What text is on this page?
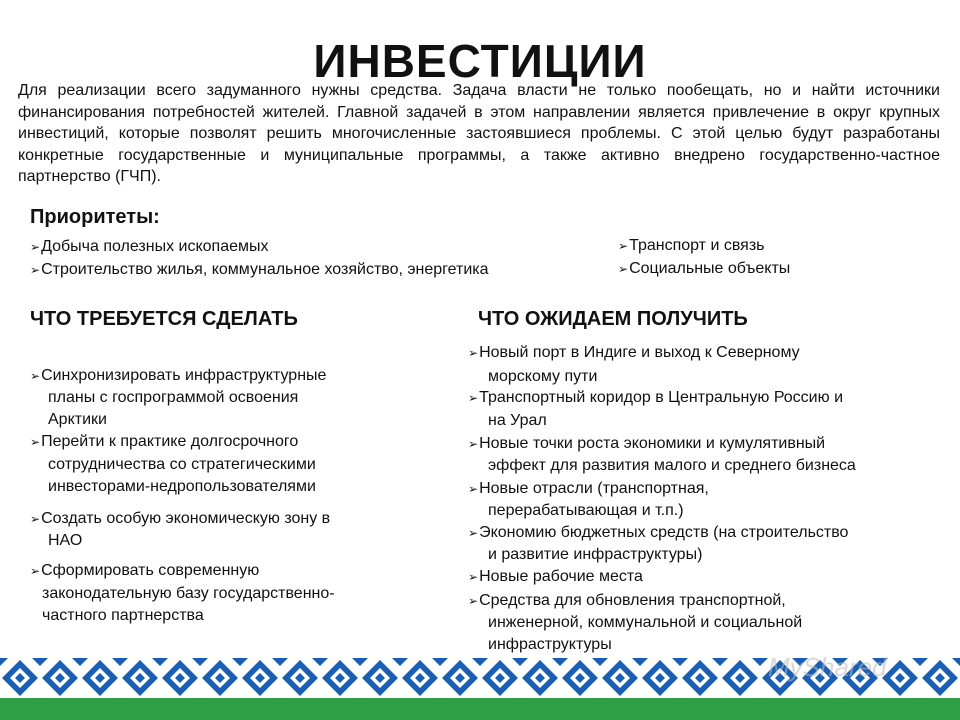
ИНВЕСТИЦИИ
Для реализации всего задуманного нужны средства. Задача власти не только пообещать, но и найти источники финансирования потребностей жителей. Главной задачей в этом направлении является привлечение в округ крупных инвестиций, которые позволят решить многочисленные застоявшиеся проблемы. С этой целью будут разработаны конкретные государственные и муниципальные программы, а также активно внедрено государственно-частное партнерство (ГЧП).
Приоритеты:
➢ Добыча полезных ископаемых
➢ Строительство жилья, коммунальное хозяйство, энергетика
➢ Транспорт и связь
➢ Социальные объекты
ЧТО ТРЕБУЕТСЯ СДЕЛАТЬ	ЧТО ОЖИДАЕМ ПОЛУЧИТЬ
➢ Синхронизировать инфраструктурные
планы с госпрограммой освоения
Арктики
➢ Перейти к практике долгосрочного
сотрудничества со стратегическими
инвесторами-недропользователями
➢ Создать особую экономическую зону в
НАО
➢ Сформировать современную
законодательную базу государственно-
частного партнерства
➢ Новый порт в Индиге и выход к Северному
морскому пути
➢ Транспортный коридор в Центральную Россию и
на Урал
➢ Новые точки роста экономики и кумулятивный
эффект для развития малого и среднего бизнеса
➢ Новые отрасли (транспортная,
перерабатывающая и т.п.)
➢ Экономию бюджетных средств (на строительство
и развитие инфраструктуры)
➢ Новые рабочие места
➢ Средства для обновления транспортной,
инженерной, коммунальной и социальной
инфраструктуры
MyShared
